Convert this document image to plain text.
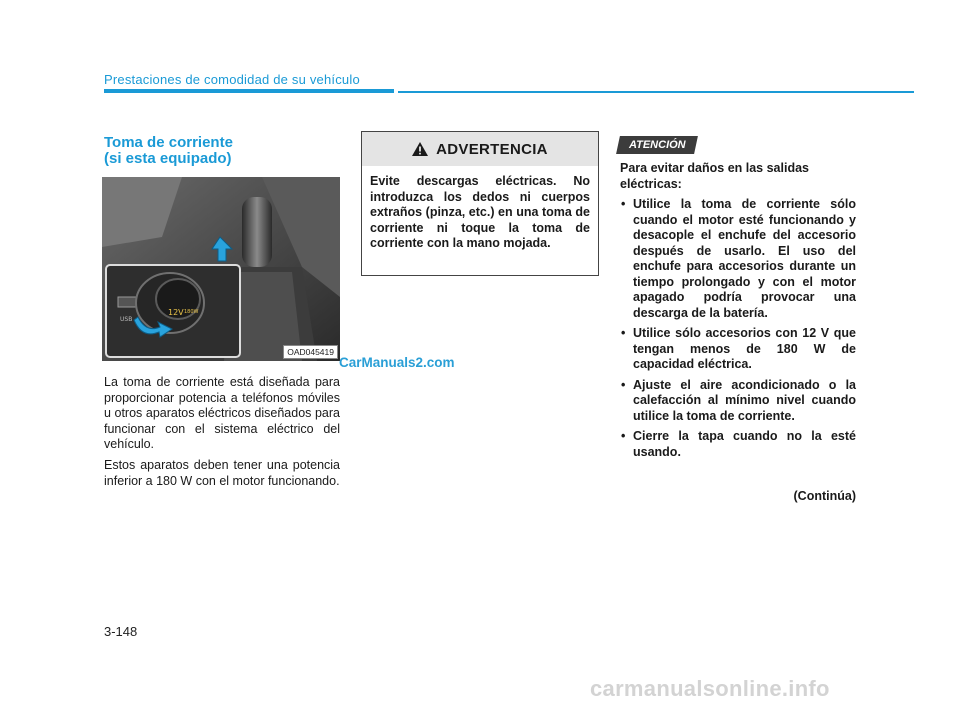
Prestaciones de comodidad de su vehículo
Toma de corriente
(si esta equipado)
USB
12V 180W
OAD045419

La toma de corriente está diseñada para proporcionar potencia a teléfonos móviles u otros aparatos eléctricos diseñados para funcionar con el sistema eléctrico del vehículo.

Estos aparatos deben tener una potencia inferior a 180 W con el motor funcionando.

ADVERTENCIA
Evite descargas eléctricas. No introduzca los dedos ni cuerpos extraños (pinza, etc.) en una toma de corriente ni toque la toma de corriente con la mano mojada.
ATENCIÓN
Para evitar daños en las salidas eléctricas:
• Utilice la toma de corriente sólo cuando el motor esté funcionando y desacople el enchufe del accesorio después de usarlo. El uso del enchufe para accesorios durante un tiempo prolongado y con el motor apagado podría provocar una descarga de la batería.
• Utilice sólo accesorios con 12 V que tengan menos de 180 W de capacidad eléctrica.
• Ajuste el aire acondicionado o la calefacción al mínimo nivel cuando utilice la toma de corriente.
• Cierre la tapa cuando no la esté usando.
(Continúa)
3-148
CarManuals2.com
carmanualsonline.info
